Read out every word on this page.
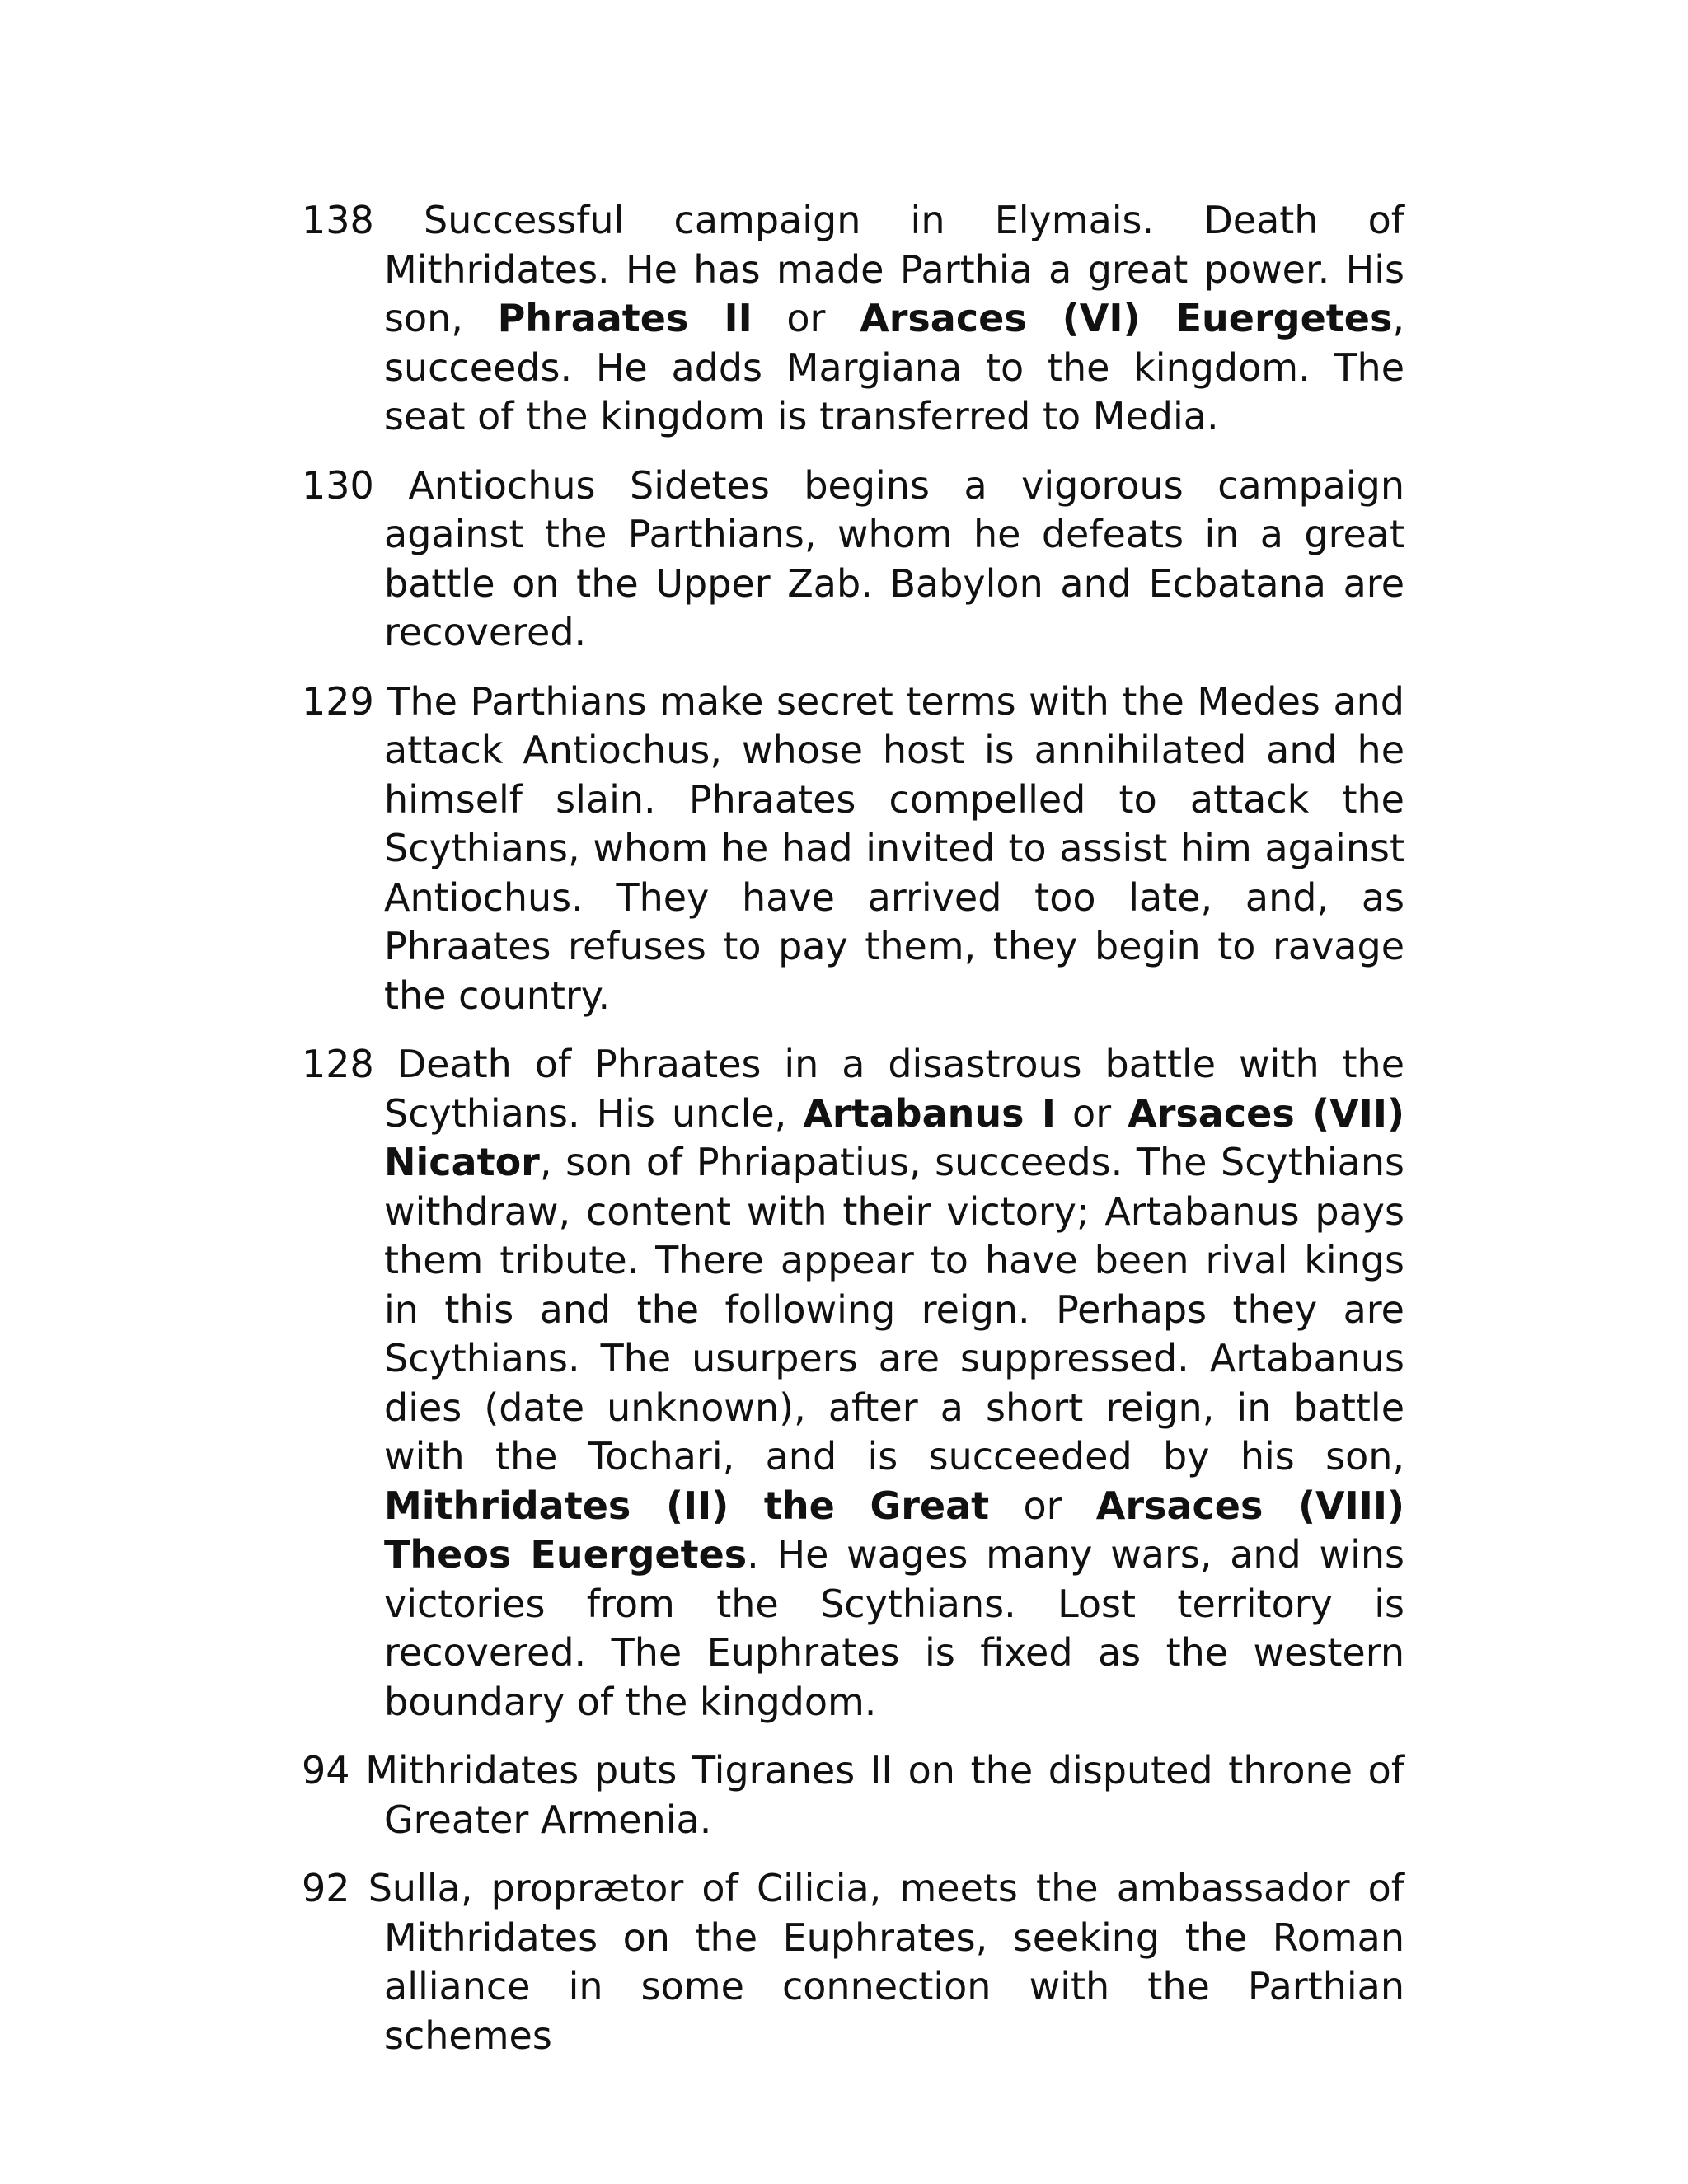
138 Successful campaign in Elymais. Death of Mithridates. He has made Parthia a great power. His son, Phraates II or Arsaces (VI) Euergetes, succeeds. He adds Margiana to the kingdom. The seat of the kingdom is transferred to Media.

130 Antiochus Sidetes begins a vigorous campaign against the Parthians, whom he defeats in a great battle on the Upper Zab. Babylon and Ecbatana are recovered.

129 The Parthians make secret terms with the Medes and attack Antiochus, whose host is annihilated and he himself slain. Phraates compelled to attack the Scythians, whom he had invited to assist him against Antiochus. They have arrived too late, and, as Phraates refuses to pay them, they begin to ravage the country.

128 Death of Phraates in a disastrous battle with the Scythians. His uncle, Artabanus I or Arsaces (VII) Nicator, son of Phriapatius, succeeds. The Scythians withdraw, content with their victory; Artabanus pays them tribute. There appear to have been rival kings in this and the following reign. Perhaps they are Scythians. The usurpers are suppressed. Artabanus dies (date unknown), after a short reign, in battle with the Tochari, and is succeeded by his son, Mithridates (II) the Great or Arsaces (VIII) Theos Euergetes. He wages many wars, and wins victories from the Scythians. Lost territory is recovered. The Euphrates is fixed as the western boundary of the kingdom.

94 Mithridates puts Tigranes II on the disputed throne of Greater Armenia.

92 Sulla, proprætor of Cilicia, meets the ambassador of Mithridates on the Euphrates, seeking the Roman alliance in some connection with the Parthian schemes
